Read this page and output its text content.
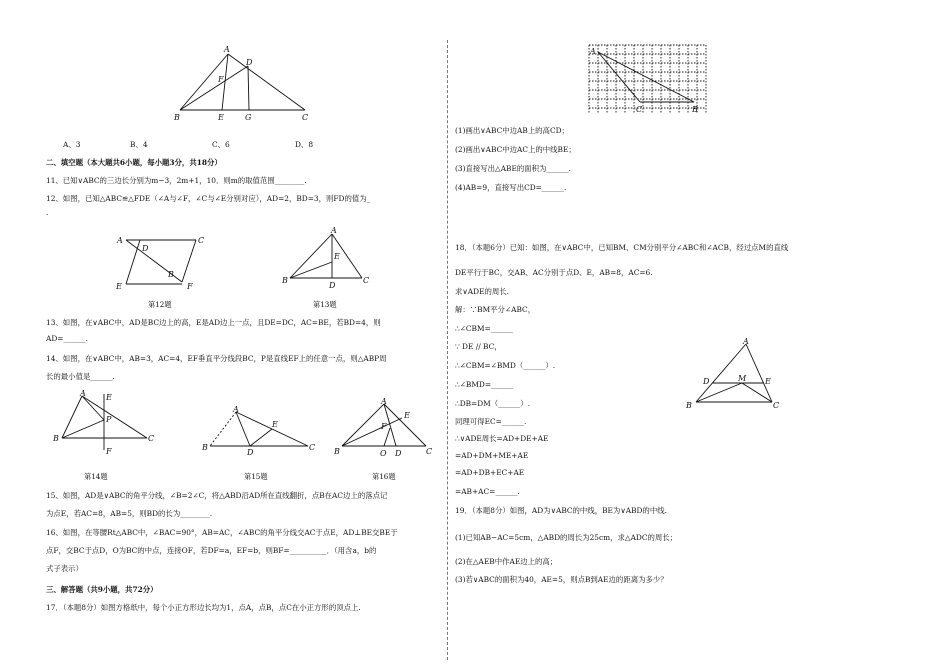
A
D
F
B	E	G	C
A、3	B、4	C、6	D、8
二、填空题（本大题共6小题，每小题3分，共18分）
11、已知∨ABC的三边长分别为m−3，2m+1，10．则m的取值范围________.
12、如图，已知△ABC≌△FDE（∠A与∠F，∠C与∠E分别对应），AD=2，BD=3，则FD的值为_
.
A	C
D
B
E	F
第12题
A
E
B
D
C
第13题
13、如图，在∨ABC中，AD是BC边上的高，E是AD边上一点，且DE=DC，AC=BE，若BD=4，则
AD=______.
14、如图，在∨ABC中，AB=3，AC=4，EF垂直平分线段BC，P是直线EF上的任意一点，则△ABP周
长的最小值是______.
A	E
P
B	C
F
第14题
A
E
B
D
C
第15题
A
E
F
B	O D	C
第16题
15、如图，AD是∨ABC的角平分线，∠B=2∠C，将△ABD沿AD所在直线翻折，点B在AC边上的落点记
为点E，若AC=8，AB=5，则BD的长为________.
16、如图，在等腰Rt△ABC中，∠BAC=90°，AB=AC，∠ABC的角平分线交AC于点E，AD⊥BE交BE于
点F，交BC于点D，O为BC的中点，连接OF，若DF=a，EF=b，则BF=__________．（用含a，b的
式子表示）
三、解答题（共9小题，共72分）
17．（本题8分）如图方格纸中，每个小正方形边长均为1，点A，点B，点C在小正方形的顶点上.
A
C	B
(1)画出∨ABC中边AB上的高CD；
(2)画出∨ABC中边AC上的中线BE；
(3)直接写出△ABE的面积为______.
(4)AB=9，直接写出CD=______.
18．（本题6分）已知：如图，在∨ABC中，已知BM、CM分别平分∠ABC和∠ACB，经过点M的直线
DE平行于BC，交AB、AC分别于点D、E，AB=8，AC=6.
求∨ADE的周长.
解：∵BM平分∠ABC，
∴∠CBM=______
∵ DE // BC，
∴∠CBM=∠BMD（______）.
∴∠BMD=______
∴DB=DM（______）.
同理可得EC=______.
∴∨ADE周长=AD+DE+AE
=AD+DM+ME+AE
=AD+DB+EC+AE
=AB+AC=______.
A
D	M E
B	C
19．（本题8分）如图，AD为∨ABC的中线，BE为∨ABD的中线.
(1)已知AB−AC=5cm，△ABD的周长为25cm，求△ADC的周长；
(2)在△AEB中作AE边上的高；
(3)若∨ABC的面积为40，AE=5，则点B到AE边的距离为多少？
